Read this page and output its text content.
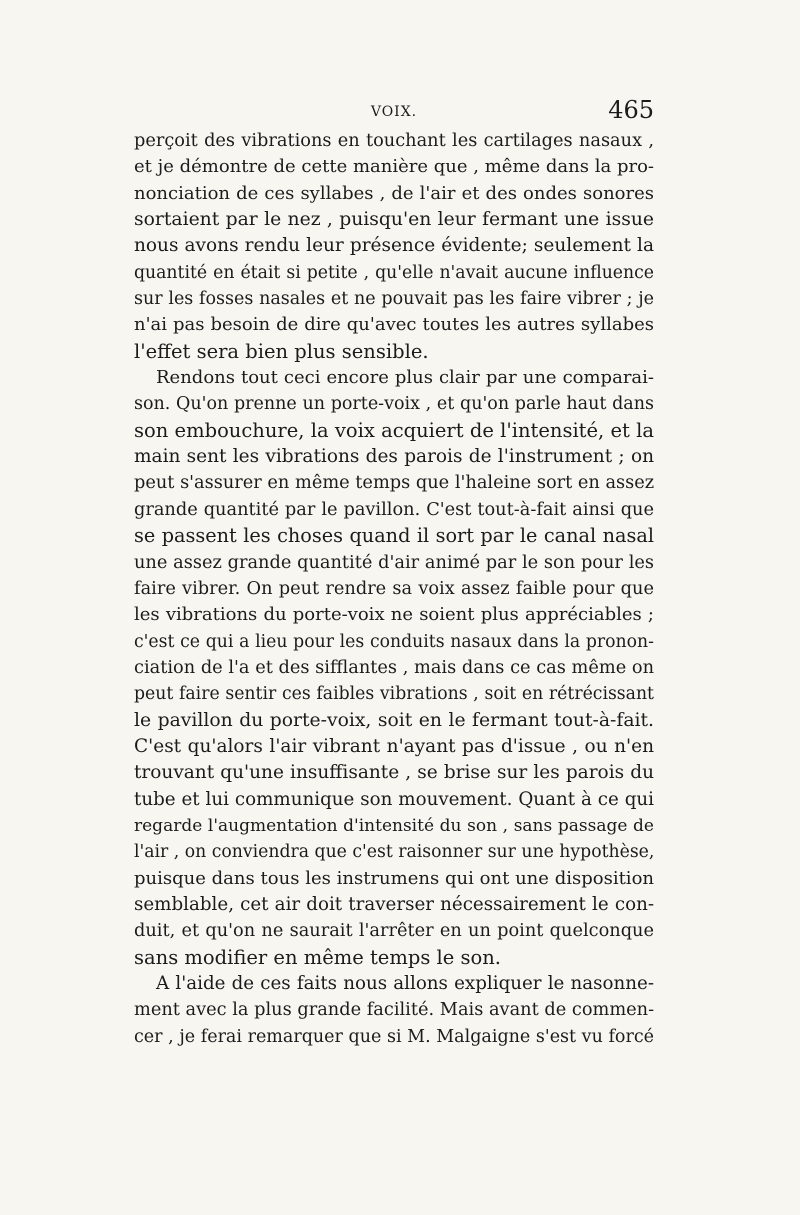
VOIX.	465
perçoit des vibrations en touchant les cartilages nasaux ,
et je démontre de cette manière que , même dans la pro-
nonciation de ces syllabes , de l'air et des ondes sonores
sortaient par le nez , puisqu'en leur fermant une issue
nous avons rendu leur présence évidente; seulement la
quantité en était si petite , qu'elle n'avait aucune influence
sur les fosses nasales et ne pouvait pas les faire vibrer ; je
n'ai pas besoin de dire qu'avec toutes les autres syllabes
l'effet sera bien plus sensible.
Rendons tout ceci encore plus clair par une comparai-
son. Qu'on prenne un porte-voix , et qu'on parle haut dans
son embouchure, la voix acquiert de l'intensité, et la
main sent les vibrations des parois de l'instrument ; on
peut s'assurer en même temps que l'haleine sort en assez
grande quantité par le pavillon. C'est tout-à-fait ainsi que
se passent les choses quand il sort par le canal nasal
une assez grande quantité d'air animé par le son pour les
faire vibrer. On peut rendre sa voix assez faible pour que
les vibrations du porte-voix ne soient plus appréciables ;
c'est ce qui a lieu pour les conduits nasaux dans la pronon-
ciation de l'a et des sifflantes , mais dans ce cas même on
peut faire sentir ces faibles vibrations , soit en rétrécissant
le pavillon du porte-voix, soit en le fermant tout-à-fait.
C'est qu'alors l'air vibrant n'ayant pas d'issue , ou n'en
trouvant qu'une insuffisante , se brise sur les parois du
tube et lui communique son mouvement. Quant à ce qui
regarde l'augmentation d'intensité du son , sans passage de
l'air , on conviendra que c'est raisonner sur une hypothèse,
puisque dans tous les instrumens qui ont une disposition
semblable, cet air doit traverser nécessairement le con-
duit, et qu'on ne saurait l'arrêter en un point quelconque
sans modifier en même temps le son.
A l'aide de ces faits nous allons expliquer le nasonne-
ment avec la plus grande facilité. Mais avant de commen-
cer , je ferai remarquer que si M. Malgaigne s'est vu forcé
